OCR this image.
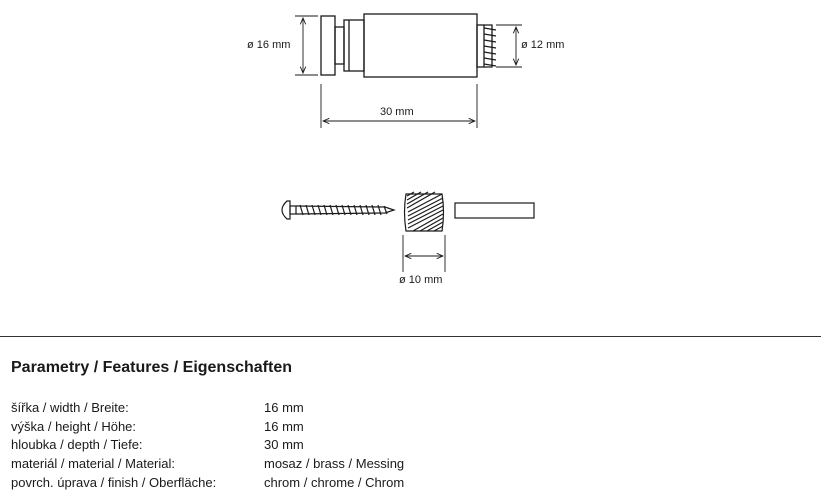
ø 16 mm	ø 12 mm
30 mm
ø 10 mm
Parametry / Features / Eigenschaften
šířka / width / Breite:	16 mm
výška / height / Höhe:	16 mm
hloubka / depth / Tiefe:	30 mm
materiál / material / Material:	mosaz / brass / Messing
povrch. úprava / finish / Oberfläche:	chrom / chrome / Chrom
